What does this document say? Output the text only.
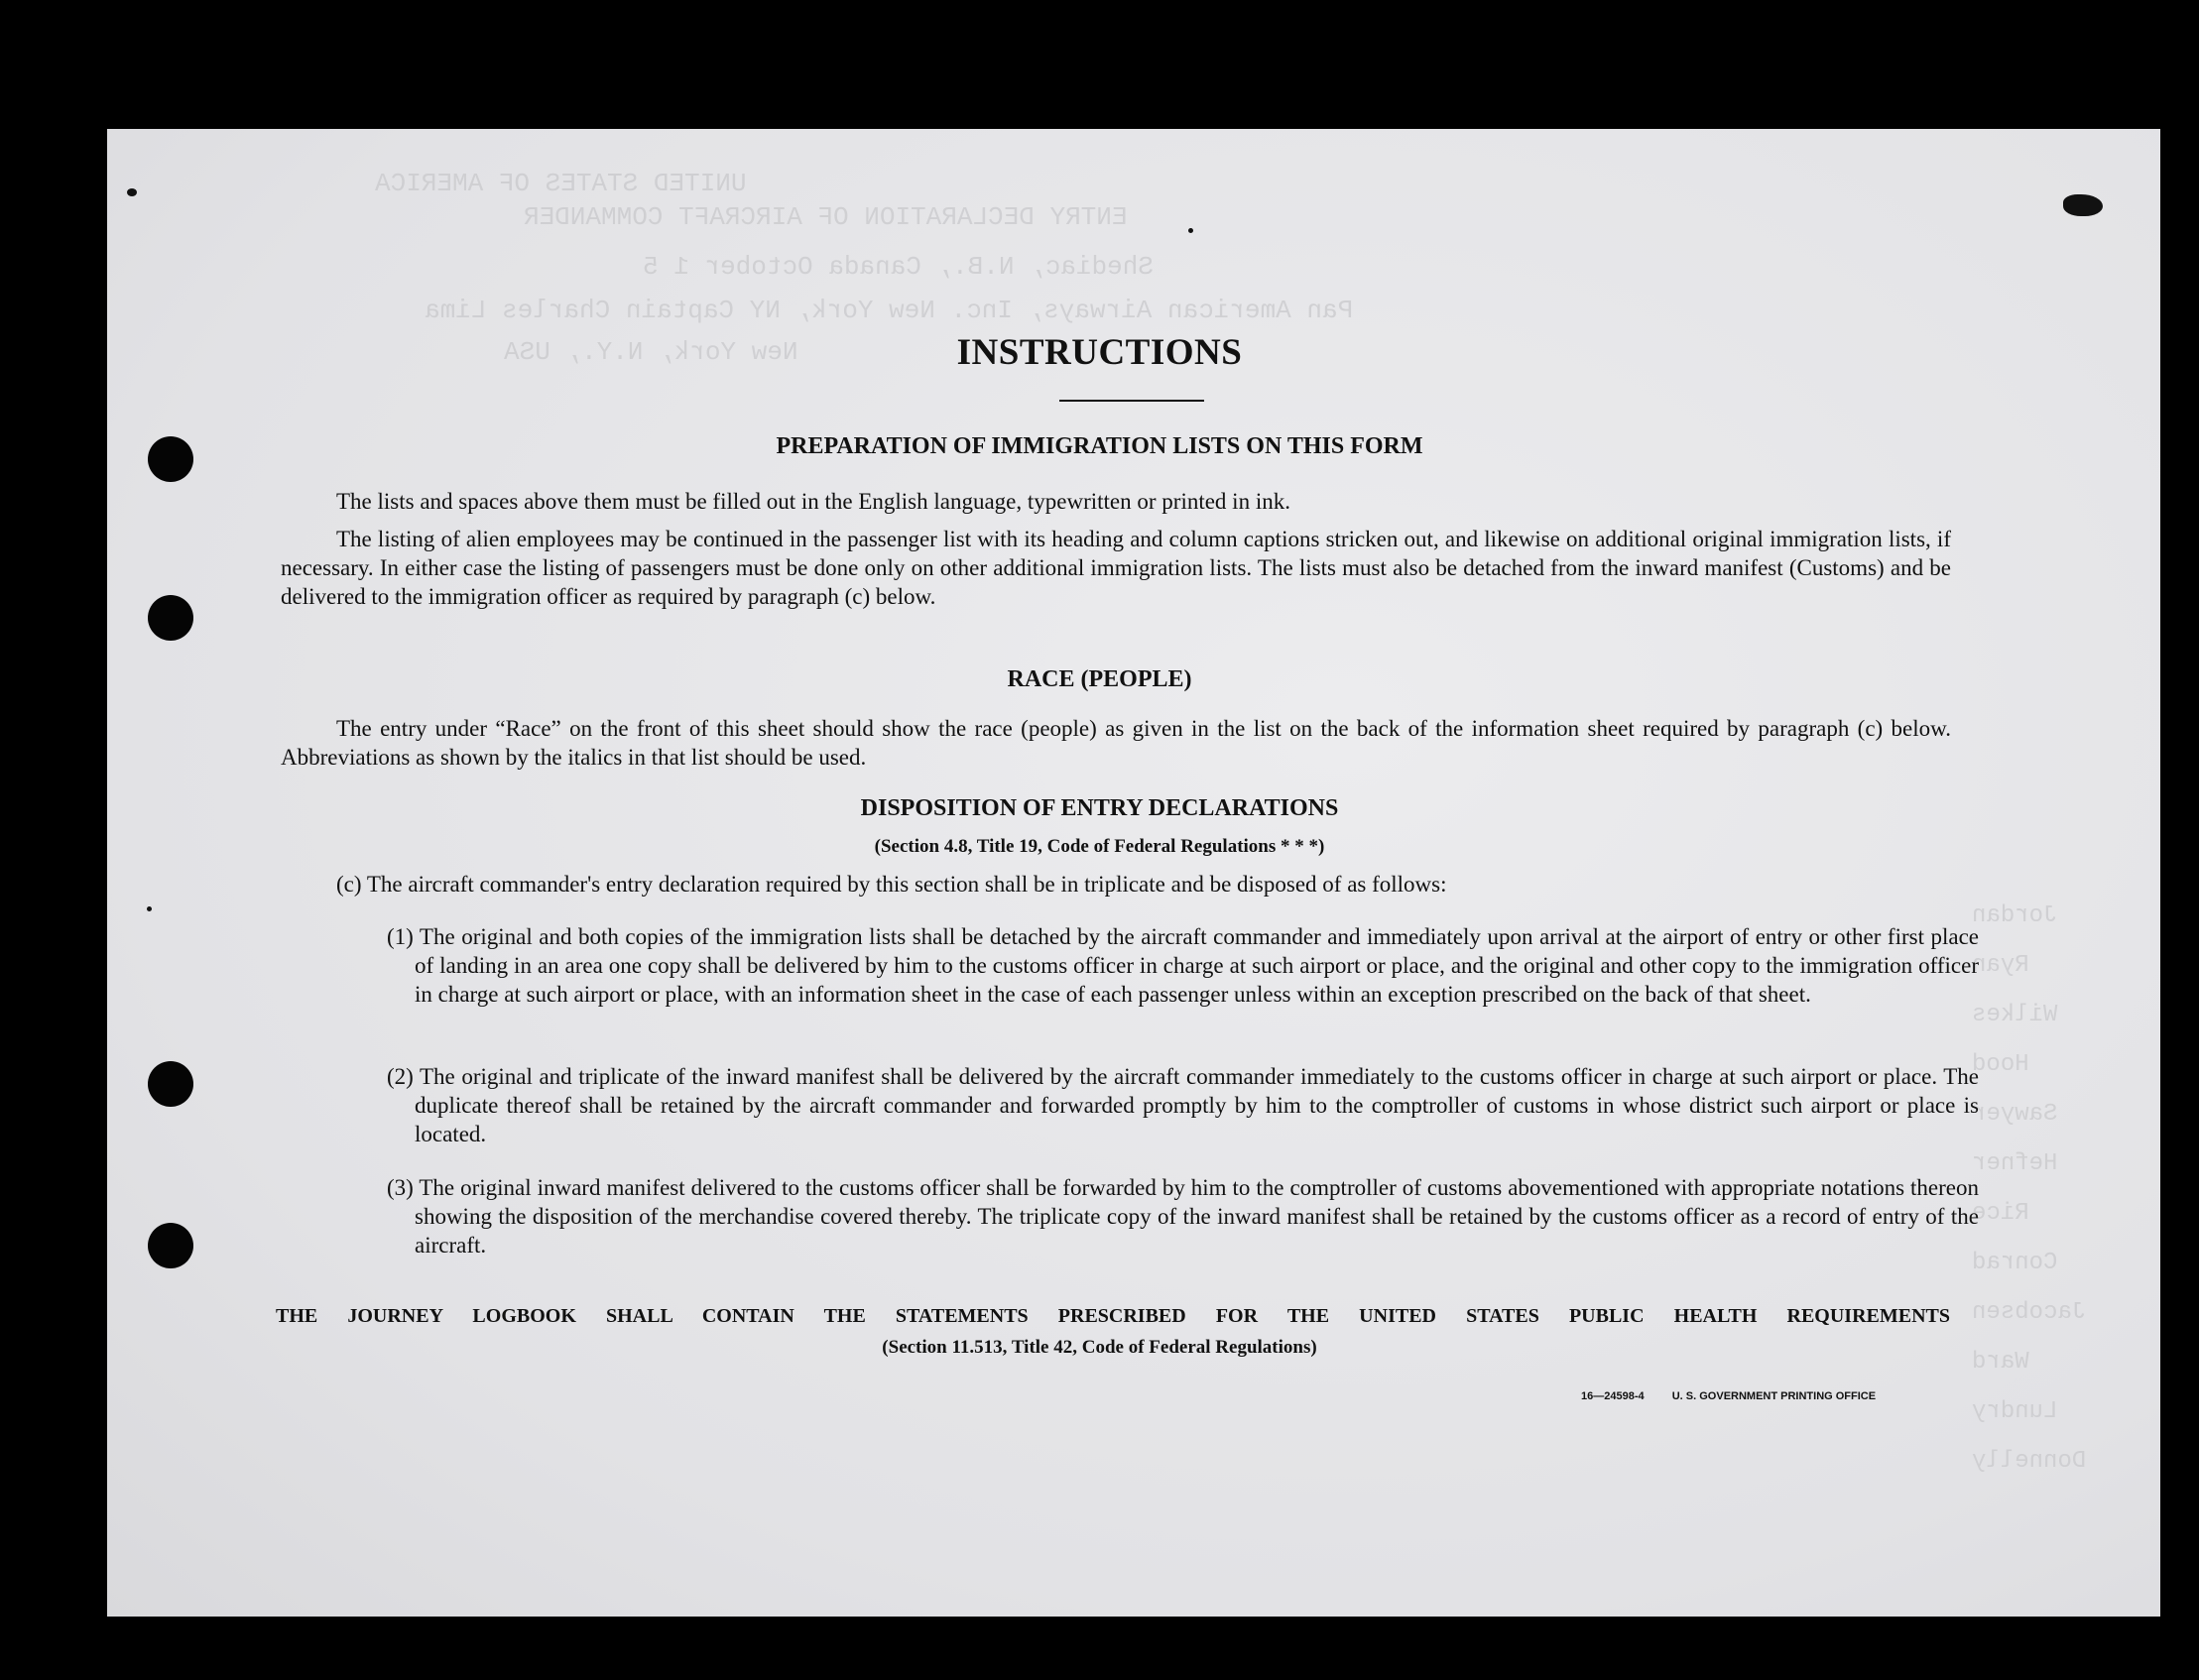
UNITED STATES OF AMERICA
ENTRY DECLARATION OF AIRCRAFT COMMANDER
Shediac, N.B., Canada October 1 5
Pan American Airways, Inc. New York, NY Captain Charles Lima
New York, N.Y., USA
Jordan
Ryan
Wilkes
Hood
Sawyer
Hefner
Rice
Conrad
Jacobsen
Ward
Lundry
Donnelly
INSTRUCTIONS
PREPARATION OF IMMIGRATION LISTS ON THIS FORM
The lists and spaces above them must be filled out in the English language, typewritten or printed in ink.
The listing of alien employees may be continued in the passenger list with its heading and column captions stricken out, and likewise on additional original immigration lists, if necessary. In either case the listing of passengers must be done only on other additional immigration lists. The lists must also be detached from the inward manifest (Customs) and be delivered to the immigration officer as required by paragraph (c) below.
RACE (PEOPLE)
The entry under “Race” on the front of this sheet should show the race (people) as given in the list on the back of the information sheet required by paragraph (c) below. Abbreviations as shown by the italics in that list should be used.
DISPOSITION OF ENTRY DECLARATIONS
(Section 4.8, Title 19, Code of Federal Regulations * * *)
(c) The aircraft commander's entry declaration required by this section shall be in triplicate and be disposed of as follows:
(1) The original and both copies of the immigration lists shall be detached by the aircraft commander and immediately upon arrival at the airport of entry or other first place of landing in an area one copy shall be delivered by him to the customs officer in charge at such airport or place, and the original and other copy to the immigration officer in charge at such airport or place, with an information sheet in the case of each passenger unless within an exception prescribed on the back of that sheet.
(2) The original and triplicate of the inward manifest shall be delivered by the aircraft commander immediately to the customs officer in charge at such airport or place. The duplicate thereof shall be retained by the aircraft commander and forwarded promptly by him to the comptroller of customs in whose district such airport or place is located.
(3) The original inward manifest delivered to the customs officer shall be forwarded by him to the comptroller of customs abovementioned with appropriate notations thereon showing the disposition of the merchandise covered thereby. The triplicate copy of the inward manifest shall be retained by the customs officer as a record of entry of the aircraft.
THE JOURNEY LOGBOOK SHALL CONTAIN THE STATEMENTS PRESCRIBED FOR THE UNITED STATES PUBLIC HEALTH REQUIREMENTS
(Section 11.513, Title 42, Code of Federal Regulations)
16—24598-4	U. S. GOVERNMENT PRINTING OFFICE
